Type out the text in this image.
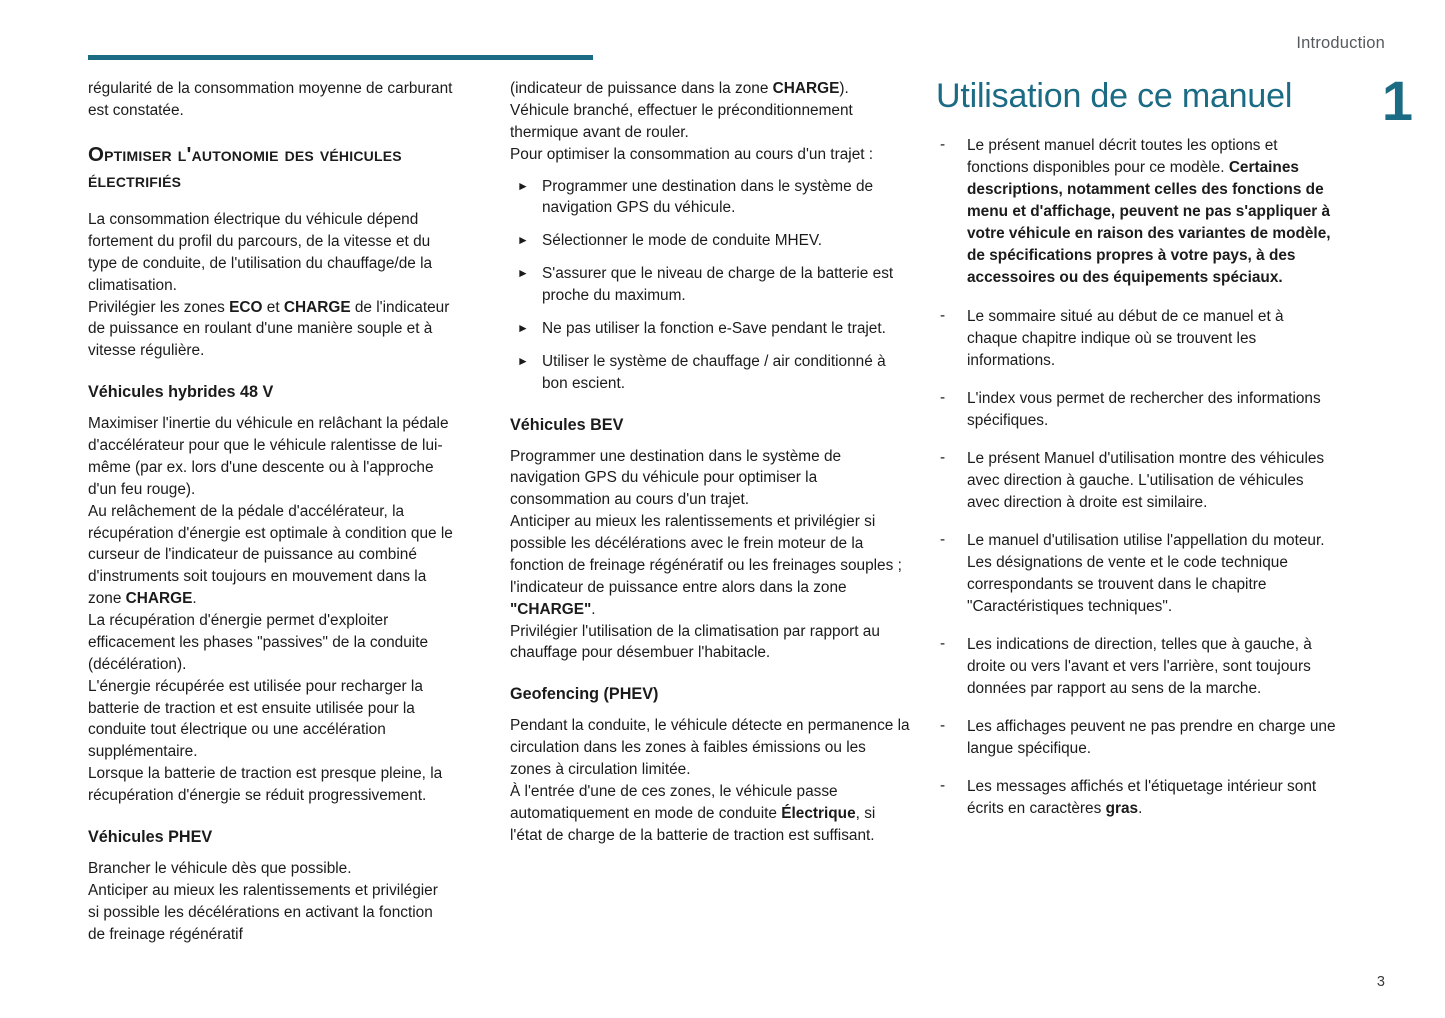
Introduction
1

régularité de la consommation moyenne de carburant est constatée.

Optimiser l'autonomie des véhicules électrifiés

La consommation électrique du véhicule dépend fortement du profil du parcours, de la vitesse et du type de conduite, de l'utilisation du chauffage/de la climatisation.

Privilégier les zones ECO et CHARGE de l'indicateur de puissance en roulant d'une manière souple et à vitesse régulière.

Véhicules hybrides 48 V

Maximiser l'inertie du véhicule en relâchant la pédale d'accélérateur pour que le véhicule ralentisse de lui-même (par ex. lors d'une descente ou à l'approche d'un feu rouge).

Au relâchement de la pédale d'accélérateur, la récupération d'énergie est optimale à condition que le curseur de l'indicateur de puissance au combiné d'instruments soit toujours en mouvement dans la zone CHARGE.

La récupération d'énergie permet d'exploiter efficacement les phases "passives" de la conduite (décélération).

L'énergie récupérée est utilisée pour recharger la batterie de traction et est ensuite utilisée pour la conduite tout électrique ou une accélération supplémentaire.

Lorsque la batterie de traction est presque pleine, la récupération d'énergie se réduit progressivement.

Véhicules PHEV

Brancher le véhicule dès que possible.

Anticiper au mieux les ralentissements et privilégier si possible les décélérations en activant la fonction de freinage régénératif

(indicateur de puissance dans la zone CHARGE).

Véhicule branché, effectuer le préconditionnement thermique avant de rouler.

Pour optimiser la consommation au cours d'un trajet :

► Programmer une destination dans le système de navigation GPS du véhicule.
► Sélectionner le mode de conduite MHEV.
► S'assurer que le niveau de charge de la batterie est proche du maximum.
► Ne pas utiliser la fonction e-Save pendant le trajet.
► Utiliser le système de chauffage / air conditionné à bon escient.
Véhicules BEV

Programmer une destination dans le système de navigation GPS du véhicule pour optimiser la consommation au cours d'un trajet.

Anticiper au mieux les ralentissements et privilégier si possible les décélérations avec le frein moteur de la fonction de freinage régénératif ou les freinages souples ; l'indicateur de puissance entre alors dans la zone "CHARGE".

Privilégier l'utilisation de la climatisation par rapport au chauffage pour désembuer l'habitacle.

Geofencing (PHEV)

Pendant la conduite, le véhicule détecte en permanence la circulation dans les zones à faibles émissions ou les zones à circulation limitée.

À l'entrée d'une de ces zones, le véhicule passe automatiquement en mode de conduite Électrique, si l'état de charge de la batterie de traction est suffisant.

Utilisation de ce manuel
- Le présent manuel décrit toutes les options et fonctions disponibles pour ce modèle. Certaines descriptions, notamment celles des fonctions de menu et d'affichage, peuvent ne pas s'appliquer à votre véhicule en raison des variantes de modèle, de spécifications propres à votre pays, à des accessoires ou des équipements spéciaux.
- Le sommaire situé au début de ce manuel et à chaque chapitre indique où se trouvent les informations.
- L'index vous permet de rechercher des informations spécifiques.
- Le présent Manuel d'utilisation montre des véhicules avec direction à gauche. L'utilisation de véhicules avec direction à droite est similaire.
- Le manuel d'utilisation utilise l'appellation du moteur. Les désignations de vente et le code technique correspondants se trouvent dans le chapitre "Caractéristiques techniques".
- Les indications de direction, telles que à gauche, à droite ou vers l'avant et vers l'arrière, sont toujours données par rapport au sens de la marche.
- Les affichages peuvent ne pas prendre en charge une langue spécifique.
- Les messages affichés et l'étiquetage intérieur sont écrits en caractères gras.
3
